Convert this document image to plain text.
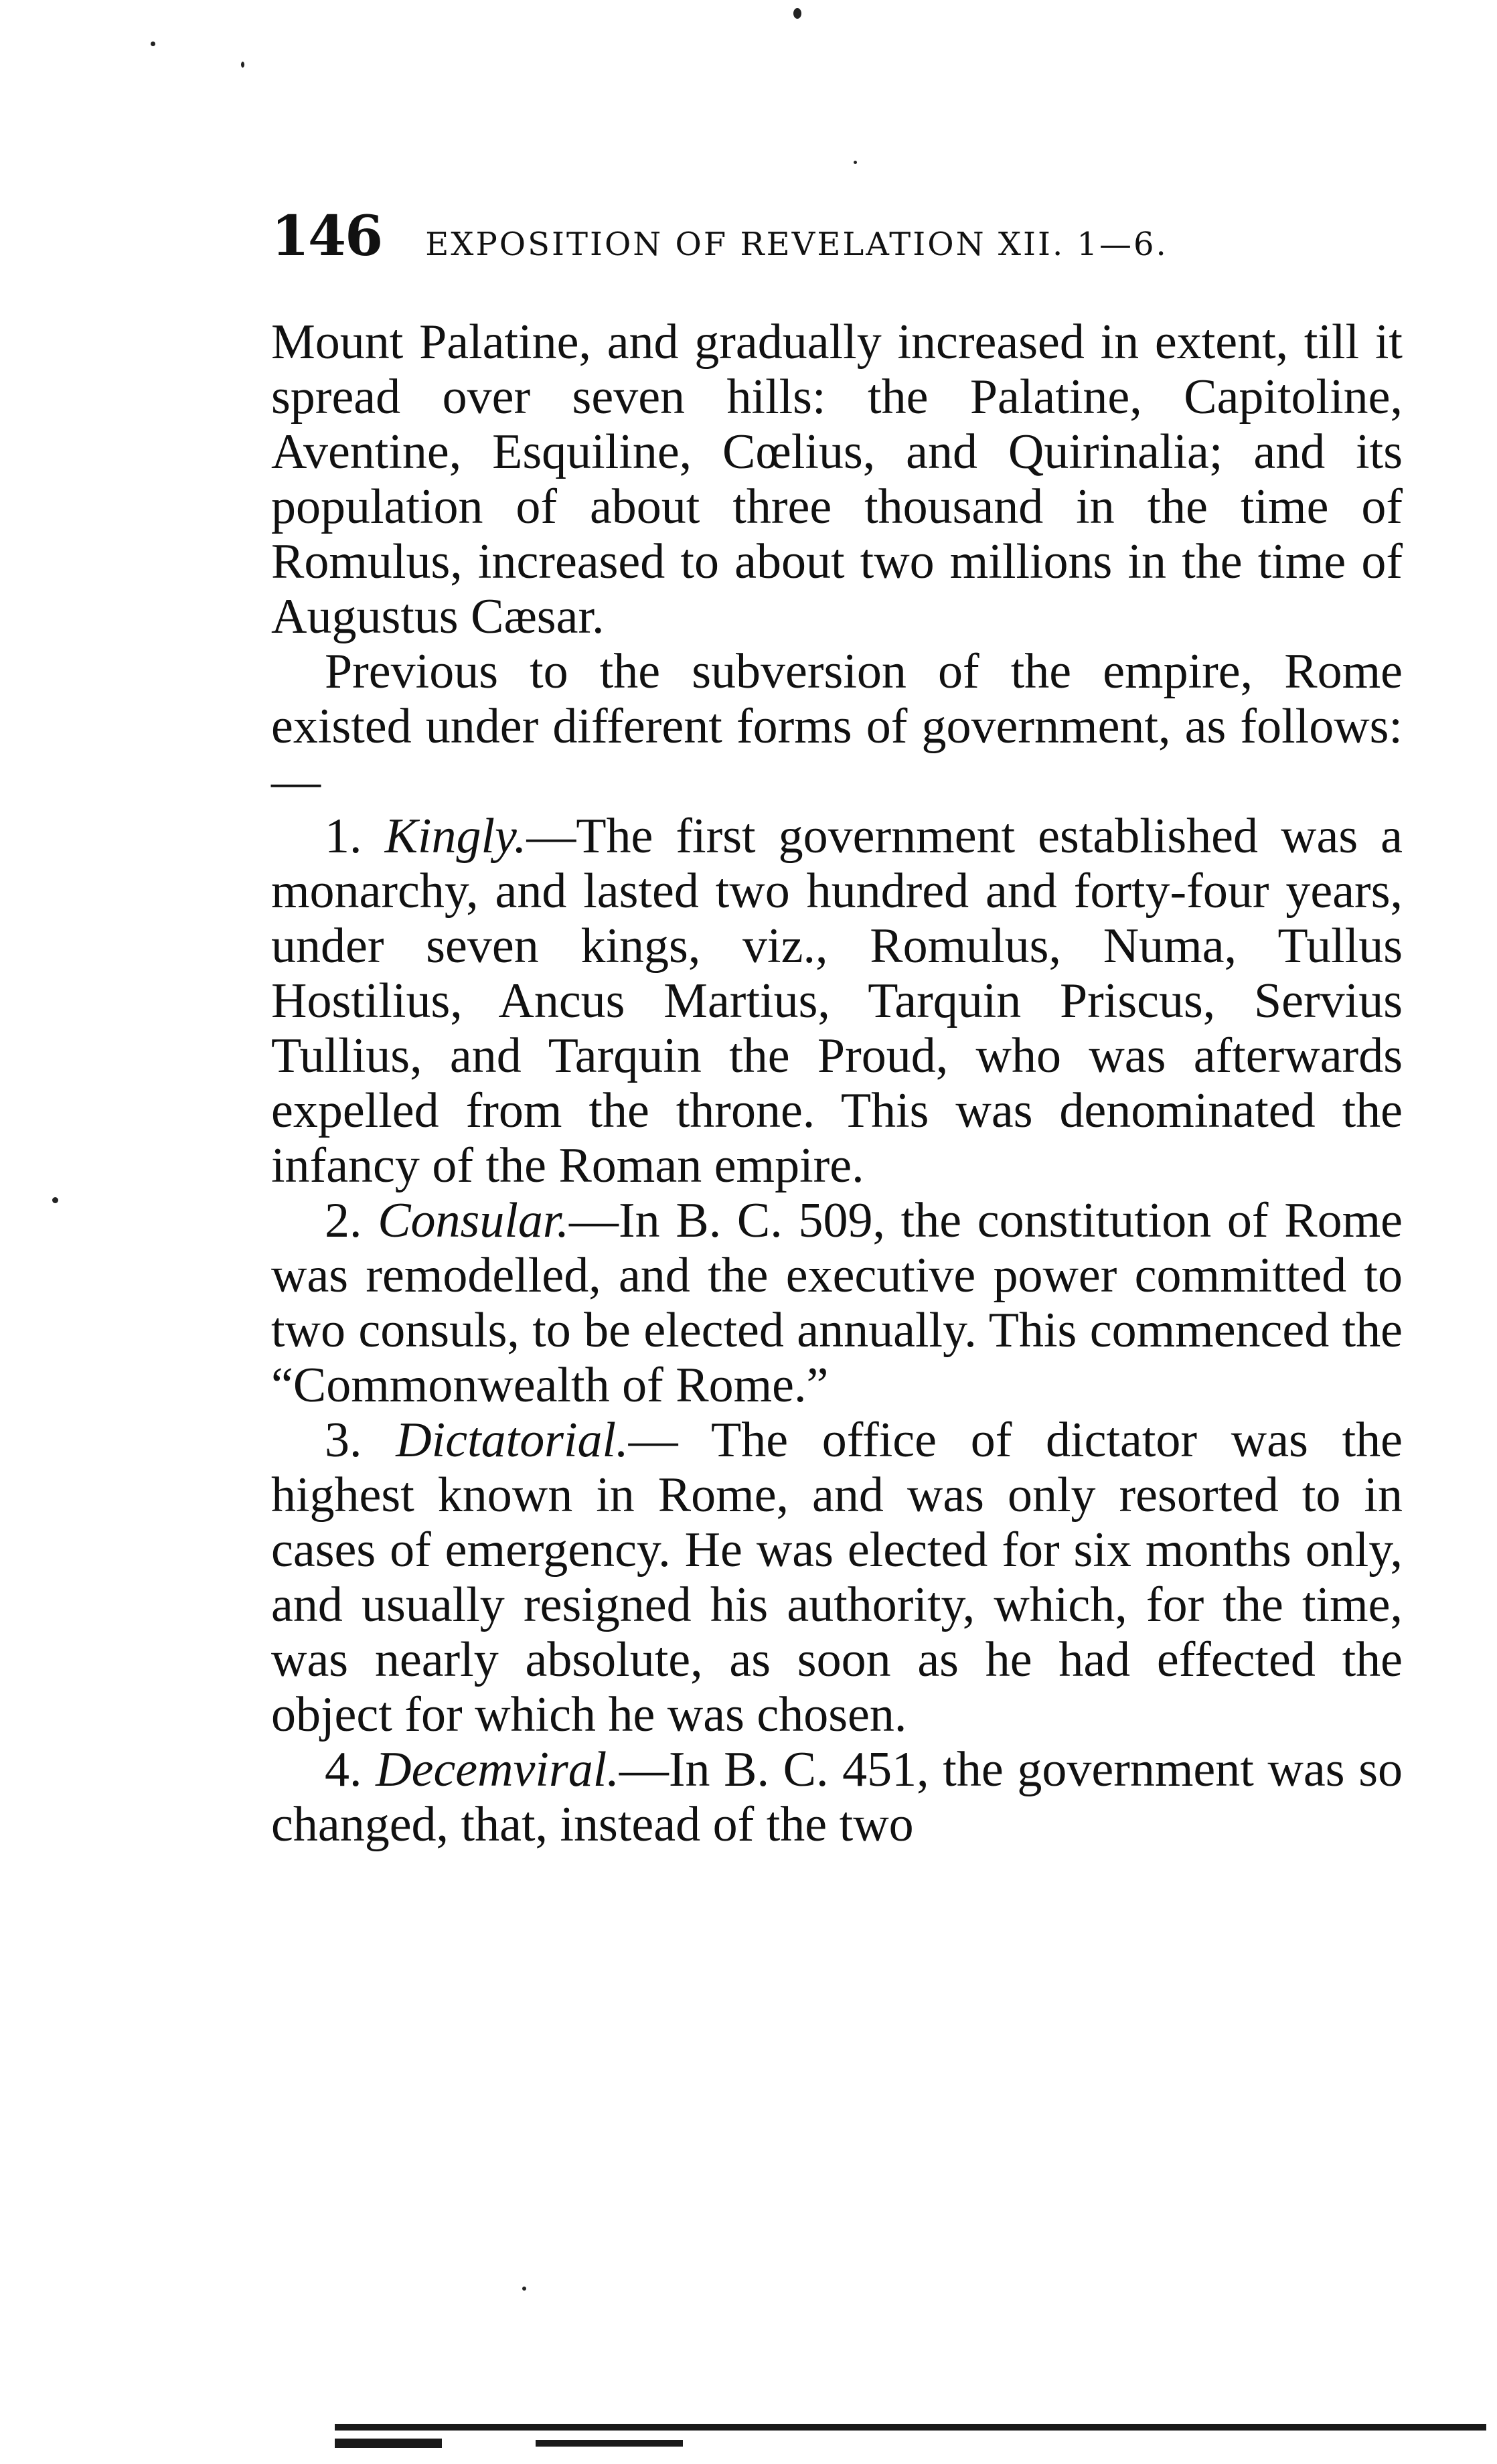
146 EXPOSITION OF REVELATION XII. 1—6.

Mount Palatine, and gradually increased in extent, till it spread over seven hills: the Palatine, Capitoline, Aventine, Esquiline, Cœlius, and Quirinalia; and its population of about three thousand in the time of Romulus, increased to about two millions in the time of Augustus Cæsar.

Previous to the subversion of the empire, Rome existed under different forms of government, as follows: —

1. Kingly.—The first government established was a monarchy, and lasted two hundred and forty-four years, under seven kings, viz., Romulus, Numa, Tullus Hostilius, Ancus Martius, Tarquin Priscus, Servius Tullius, and Tarquin the Proud, who was afterwards expelled from the throne. This was denominated the infancy of the Roman empire.

2. Consular.—In B. C. 509, the constitution of Rome was remodelled, and the executive power committed to two consuls, to be elected annually. This commenced the “Commonwealth of Rome.”

3. Dictatorial.— The office of dictator was the highest known in Rome, and was only resorted to in cases of emergency. He was elected for six months only, and usually resigned his authority, which, for the time, was nearly absolute, as soon as he had effected the object for which he was chosen.

4. Decemviral.—In B. C. 451, the government was so changed, that, instead of the two
